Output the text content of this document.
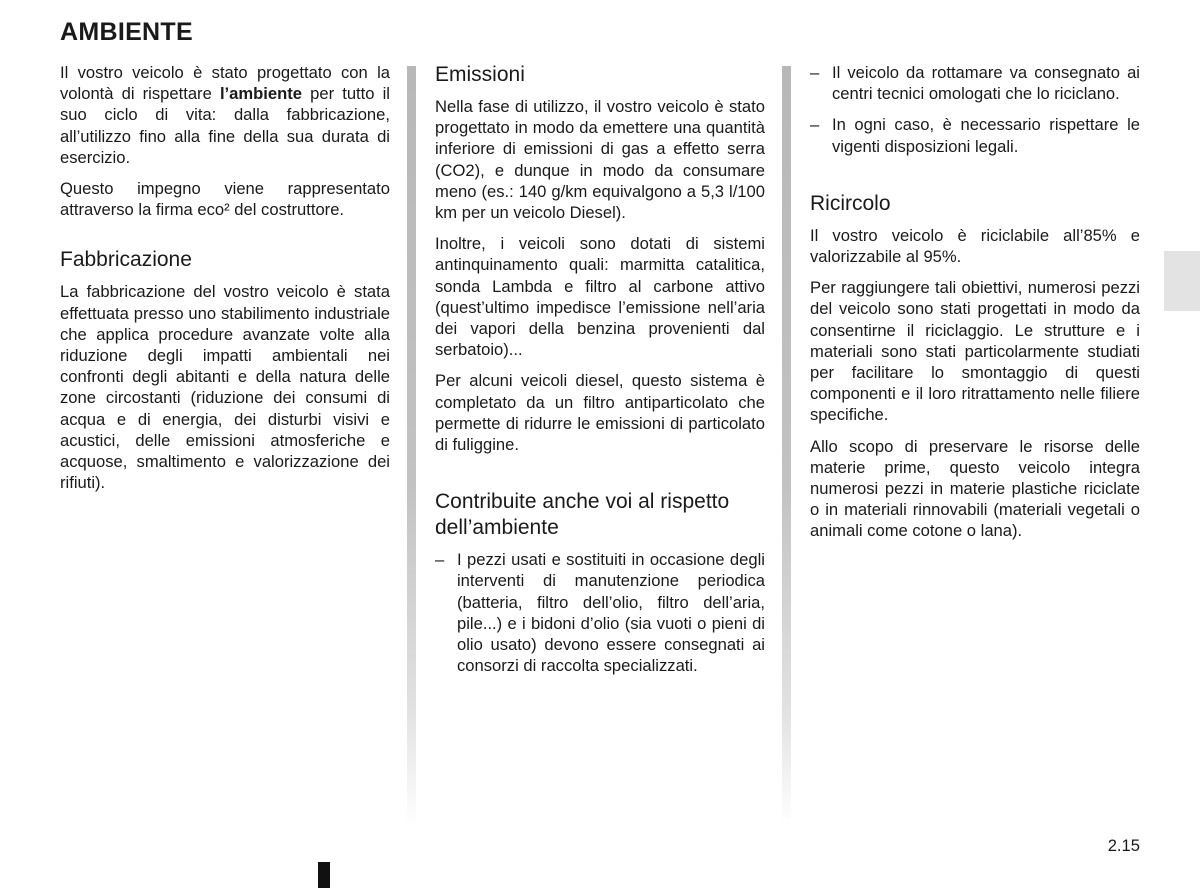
AMBIENTE

Il vostro veicolo è stato progettato con la volontà di rispettare l’ambiente per tutto il suo ciclo di vita: dalla fabbricazione, all’utilizzo fino alla fine della sua durata di esercizio.

Questo impegno viene rappresentato attraverso la firma eco² del costruttore.

Fabbricazione

La fabbricazione del vostro veicolo è stata effettuata presso uno stabilimento industriale che applica procedure avanzate volte alla riduzione degli impatti ambientali nei confronti degli abitanti e della natura delle zone circostanti (riduzione dei consumi di acqua e di energia, dei disturbi visivi e acustici, delle emissioni atmosferiche e acquose, smaltimento e valorizzazione dei rifiuti).

Emissioni

Nella fase di utilizzo, il vostro veicolo è stato progettato in modo da emettere una quantità inferiore di emissioni di gas a effetto serra (CO2), e dunque in modo da consumare meno (es.: 140 g/km equivalgono a 5,3 l/100 km per un veicolo Diesel).

Inoltre, i veicoli sono dotati di sistemi antinquinamento quali: marmitta catalitica, sonda Lambda e filtro al carbone attivo (quest’ultimo impedisce l’emissione nell’aria dei vapori della benzina provenienti dal serbatoio)...

Per alcuni veicoli diesel, questo sistema è completato da un filtro antiparticolato che permette di ridurre le emissioni di particolato di fuliggine.

Contribuite anche voi al rispetto dell’ambiente
– I pezzi usati e sostituiti in occasione degli interventi di manutenzione periodica (batteria, filtro dell’olio, filtro dell’aria, pile...) e i bidoni d’olio (sia vuoti o pieni di olio usato) devono essere consegnati ai consorzi di raccolta specializzati.
– Il veicolo da rottamare va consegnato ai centri tecnici omologati che lo riciclano.
– In ogni caso, è necessario rispettare le vigenti disposizioni legali.
Ricircolo

Il vostro veicolo è riciclabile all’85% e valorizzabile al 95%.

Per raggiungere tali obiettivi, numerosi pezzi del veicolo sono stati progettati in modo da consentirne il riciclaggio. Le strutture e i materiali sono stati particolarmente studiati per facilitare lo smontaggio di questi componenti e il loro ritrattamento nelle filiere specifiche.

Allo scopo di preservare le risorse delle materie prime, questo veicolo integra numerosi pezzi in materie plastiche riciclate o in materiali rinnovabili (materiali vegetali o animali come cotone o lana).

2.15
